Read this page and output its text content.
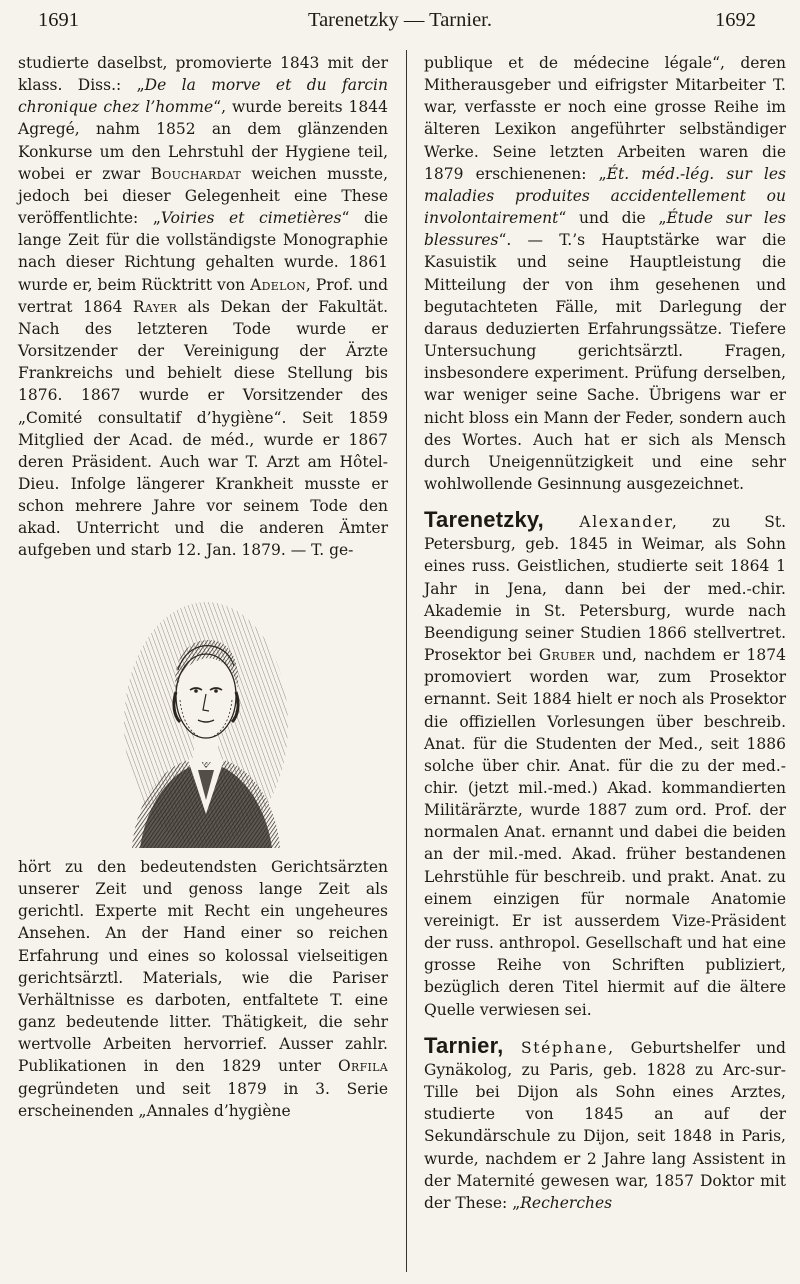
1691	Tarenetzky — Tarnier.	1692

studierte daselbst, promovierte 1843 mit der klass. Diss.: „De la morve et du farcin chronique chez l’homme“, wurde bereits 1844 Agregé, nahm 1852 an dem glänzenden Konkurse um den Lehrstuhl der Hygiene teil, wobei er zwar Bouchardat weichen musste, jedoch bei dieser Gelegenheit eine These veröffentlichte: „Voiries et cimetières“ die lange Zeit für die vollständigste Monographie nach dieser Richtung gehalten wurde. 1861 wurde er, beim Rücktritt von Adelon, Prof. und vertrat 1864 Rayer als Dekan der Fakultät. Nach des letzteren Tode wurde er Vorsitzender der Vereinigung der Ärzte Frankreichs und behielt diese Stellung bis 1876. 1867 wurde er Vorsitzender des „Comité consultatif d’hygiène“. Seit 1859 Mitglied der Acad. de méd., wurde er 1867 deren Präsident. Auch war T. Arzt am Hôtel-Dieu. Infolge längerer Krankheit musste er schon mehrere Jahre vor seinem Tode den akad. Unterricht und die anderen Ämter aufgeben und starb 12. Jan. 1879. — T. ge-

hört zu den bedeutendsten Gerichtsärzten unserer Zeit und genoss lange Zeit als gerichtl. Experte mit Recht ein ungeheures Ansehen. An der Hand einer so reichen Erfahrung und eines so kolossal vielseitigen gerichtsärztl. Materials, wie die Pariser Verhältnisse es darboten, entfaltete T. eine ganz bedeutende litter. Thätigkeit, die sehr wertvolle Arbeiten hervorrief. Ausser zahlr. Publikationen in den 1829 unter Orfila gegründeten und seit 1879 in 3. Serie erscheinenden „Annales d’hygiène

publique et de médecine légale“, deren Mitherausgeber und eifrigster Mitarbeiter T. war, verfasste er noch eine grosse Reihe im älteren Lexikon angeführter selbständiger Werke. Seine letzten Arbeiten waren die 1879 erschienenen: „Ét. méd.-lég. sur les maladies produites accidentellement ou involontairement“ und die „Étude sur les blessures“. — T.’s Hauptstärke war die Kasuistik und seine Hauptleistung die Mitteilung der von ihm gesehenen und begutachteten Fälle, mit Darlegung der daraus deduzierten Erfahrungssätze. Tiefere Untersuchung gerichtsärztl. Fragen, insbesondere experiment. Prüfung derselben, war weniger seine Sache. Übrigens war er nicht bloss ein Mann der Feder, sondern auch des Wortes. Auch hat er sich als Mensch durch Uneigennützigkeit und eine sehr wohlwollende Gesinnung ausgezeichnet.

Tarenetzky, Alexander, zu St. Petersburg, geb. 1845 in Weimar, als Sohn eines russ. Geistlichen, studierte seit 1864 1 Jahr in Jena, dann bei der med.-chir. Akademie in St. Petersburg, wurde nach Beendigung seiner Studien 1866 stellvertret. Prosektor bei Gruber und, nachdem er 1874 promoviert worden war, zum Prosektor ernannt. Seit 1884 hielt er noch als Prosektor die offiziellen Vorlesungen über beschreib. Anat. für die Studenten der Med., seit 1886 solche über chir. Anat. für die zu der med.-chir. (jetzt mil.-med.) Akad. kommandierten Militärärzte, wurde 1887 zum ord. Prof. der normalen Anat. ernannt und dabei die beiden an der mil.-med. Akad. früher bestandenen Lehrstühle für beschreib. und prakt. Anat. zu einem einzigen für normale Anatomie vereinigt. Er ist ausserdem Vize-Präsident der russ. anthropol. Gesellschaft und hat eine grosse Reihe von Schriften publiziert, bezüglich deren Titel hiermit auf die ältere Quelle verwiesen sei.

Tarnier, Stéphane, Geburtshelfer und Gynäkolog, zu Paris, geb. 1828 zu Arc-sur-Tille bei Dijon als Sohn eines Arztes, studierte von 1845 an auf der Sekundärschule zu Dijon, seit 1848 in Paris, wurde, nachdem er 2 Jahre lang Assistent in der Maternité gewesen war, 1857 Doktor mit der These: „Recherches
